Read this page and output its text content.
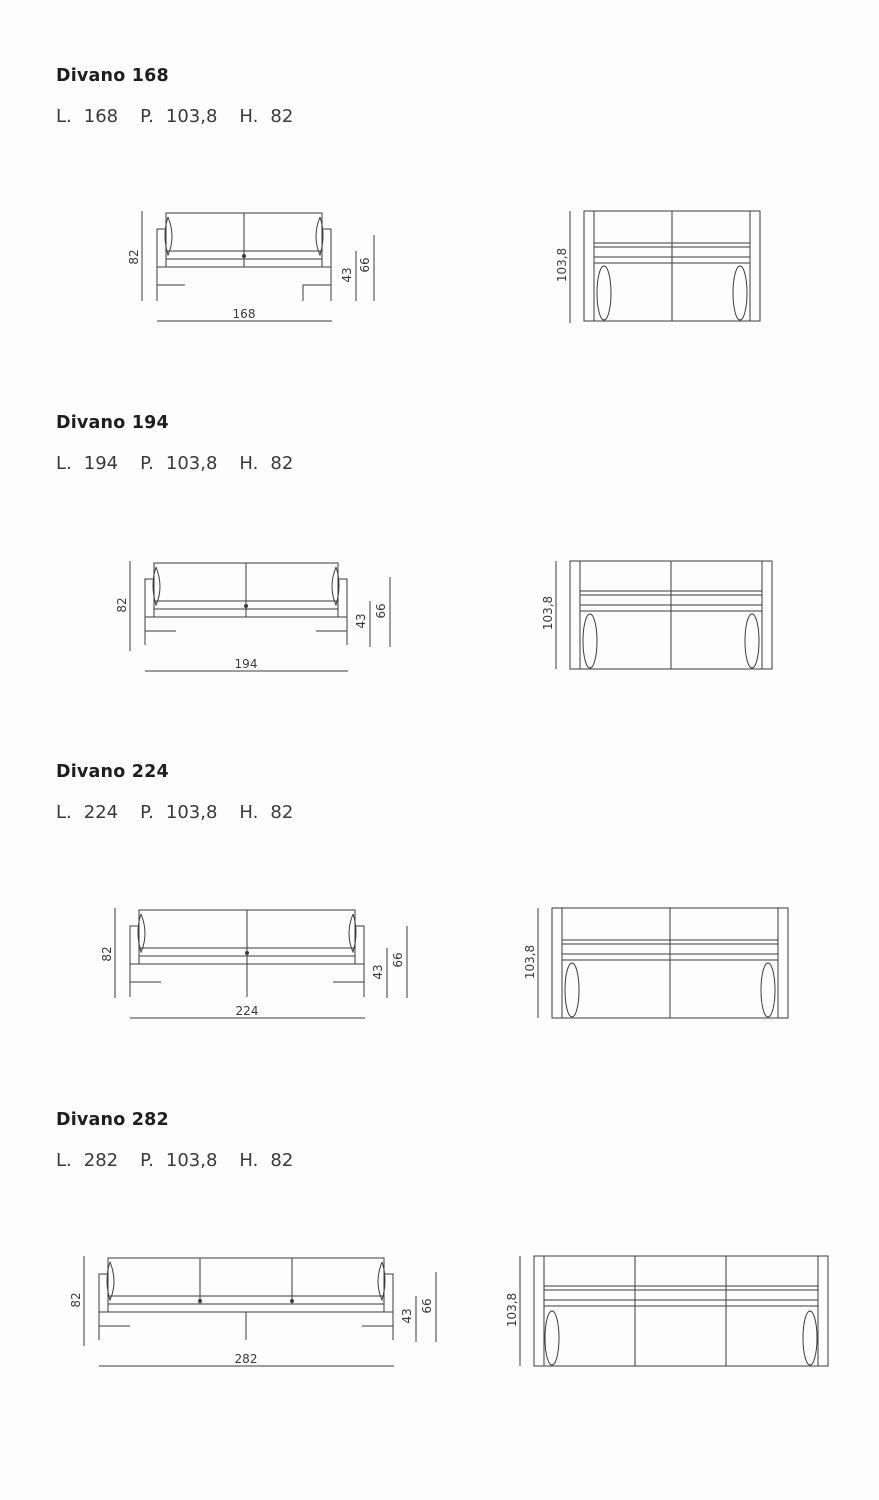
Divano 168
L. 168 P. 103,8 H. 82
82
168
43
66	103,8
Divano 194
L. 194 P. 103,8 H. 82
82
194
43
66	103,8
Divano 224
L. 224 P. 103,8 H. 82
82
224
43
66	103,8
Divano 282
L. 282 P. 103,8 H. 82
82
282
43
66	103,8
